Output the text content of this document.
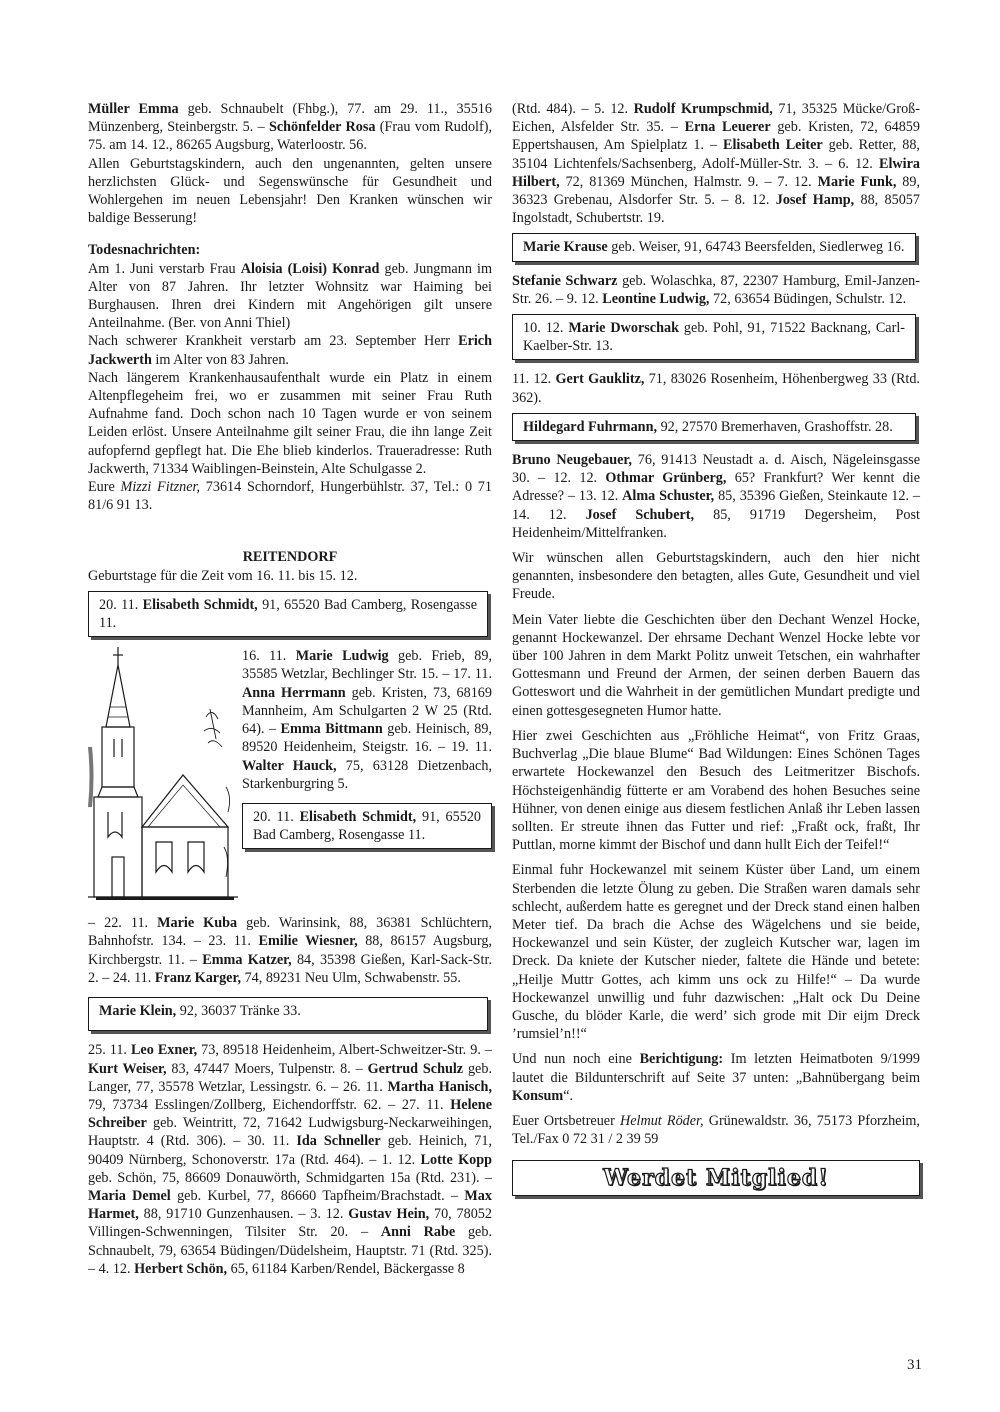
Müller Emma geb. Schnaubelt (Fhbg.), 77. am 29. 11., 35516 Münzenberg, Steinbergstr. 5. – Schönfelder Rosa (Frau vom Rudolf), 75. am 14. 12., 86265 Augsburg, Waterloostr. 56.

Allen Geburtstagskindern, auch den ungenannten, gelten unsere herzlichsten Glück- und Segenswünsche für Gesundheit und Wohlergehen im neuen Lebensjahr! Den Kranken wünschen wir baldige Besserung!

Todesnachrichten:

Am 1. Juni verstarb Frau Aloisia (Loisi) Konrad geb. Jungmann im Alter von 87 Jahren. Ihr letzter Wohnsitz war Haiming bei Burghausen. Ihren drei Kindern mit Angehörigen gilt unsere Anteilnahme. (Ber. von Anni Thiel)

Nach schwerer Krankheit verstarb am 23. September Herr Erich Jackwerth im Alter von 83 Jahren.

Nach längerem Krankenhausaufenthalt wurde ein Platz in einem Altenpflegeheim frei, wo er zusammen mit seiner Frau Ruth Aufnahme fand. Doch schon nach 10 Tagen wurde er von seinem Leiden erlöst. Unsere Anteilnahme gilt seiner Frau, die ihn lange Zeit aufopfernd gepflegt hat. Die Ehe blieb kinderlos. Traueradresse: Ruth Jackwerth, 71334 Waiblingen-Beinstein, Alte Schulgasse 2.

Eure Mizzi Fitzner, 73614 Schorndorf, Hungerbühlstr. 37, Tel.: 0 71 81/6 91 13.

REITENDORF

Geburtstage für die Zeit vom 16. 11. bis 15. 12.

20. 11. Elisabeth Schmidt, 91, 65520 Bad Camberg, Rosengasse 11.

16. 11. Marie Ludwig geb. Frieb, 89, 35585 Wetzlar, Bechlinger Str. 15. – 17. 11. Anna Herrmann geb. Kristen, 73, 68169 Mannheim, Am Schulgarten 2 W 25 (Rtd. 64). – Emma Bittmann geb. Heinisch, 89, 89520 Heidenheim, Steigstr. 16. – 19. 11. Walter Hauck, 75, 63128 Dietzenbach, Starkenburgring 5.

20. 11. Elisabeth Schmidt, 91, 65520 Bad Camberg, Rosengasse 11.

– 22. 11. Marie Kuba geb. Warinsink, 88, 36381 Schlüchtern, Bahnhofstr. 134. – 23. 11. Emilie Wiesner, 88, 86157 Augsburg, Kirchbergstr. 11. – Emma Katzer, 84, 35398 Gießen, Karl-Sack-Str. 2. – 24. 11. Franz Karger, 74, 89231 Neu Ulm, Schwabenstr. 55.

Marie Klein, 92, 36037 Tränke 33.

25. 11. Leo Exner, 73, 89518 Heidenheim, Albert-Schweitzer-Str. 9. – Kurt Weiser, 83, 47447 Moers, Tulpenstr. 8. – Gertrud Schulz geb. Langer, 77, 35578 Wetzlar, Lessingstr. 6. – 26. 11. Martha Hanisch, 79, 73734 Esslingen/Zollberg, Eichendorffstr. 62. – 27. 11. Helene Schreiber geb. Weintritt, 72, 71642 Ludwigsburg-Neckarweihingen, Hauptstr. 4 (Rtd. 306). – 30. 11. Ida Schneller geb. Heinich, 71, 90409 Nürnberg, Schonoverstr. 17a (Rtd. 464). – 1. 12. Lotte Kopp geb. Schön, 75, 86609 Donauwörth, Schmidgarten 15a (Rtd. 231). – Maria Demel geb. Kurbel, 77, 86660 Tapfheim/Brachstadt. – Max Harmet, 88, 91710 Gunzenhausen. – 3. 12. Gustav Hein, 70, 78052 Villingen-Schwenningen, Tilsiter Str. 20. – Anni Rabe geb. Schnaubelt, 79, 63654 Büdingen/Düdelsheim, Hauptstr. 71 (Rtd. 325). – 4. 12. Herbert Schön, 65, 61184 Karben/Rendel, Bäckergasse 8

(Rtd. 484). – 5. 12. Rudolf Krumpschmid, 71, 35325 Mücke/Groß-Eichen, Alsfelder Str. 35. – Erna Leuerer geb. Kristen, 72, 64859 Eppertshausen, Am Spielplatz 1. – Elisabeth Leiter geb. Retter, 88, 35104 Lichtenfels/Sachsenberg, Adolf-Müller-Str. 3. – 6. 12. Elwira Hilbert, 72, 81369 München, Halmstr. 9. – 7. 12. Marie Funk, 89, 36323 Grebenau, Alsdorfer Str. 5. – 8. 12. Josef Hamp, 88, 85057 Ingolstadt, Schubertstr. 19.

Marie Krause geb. Weiser, 91, 64743 Beersfelden, Siedlerweg 16.

Stefanie Schwarz geb. Wolaschka, 87, 22307 Hamburg, Emil-Janzen-Str. 26. – 9. 12. Leontine Ludwig, 72, 63654 Büdingen, Schulstr. 12.

10. 12. Marie Dworschak geb. Pohl, 91, 71522 Backnang, Carl-Kaelber-Str. 13.

11. 12. Gert Gauklitz, 71, 83026 Rosenheim, Höhenbergweg 33 (Rtd. 362).

Hildegard Fuhrmann, 92, 27570 Bremerhaven, Grashoffstr. 28.

Bruno Neugebauer, 76, 91413 Neustadt a. d. Aisch, Nägeleinsgasse 30. – 12. 12. Othmar Grünberg, 65? Frankfurt? Wer kennt die Adresse? – 13. 12. Alma Schuster, 85, 35396 Gießen, Steinkaute 12. – 14. 12. Josef Schubert, 85, 91719 Degersheim, Post Heidenheim/Mittelfranken.

Wir wünschen allen Geburtstagskindern, auch den hier nicht genannten, insbesondere den betagten, alles Gute, Gesundheit und viel Freude.

Mein Vater liebte die Geschichten über den Dechant Wenzel Hocke, genannt Hockewanzel. Der ehrsame Dechant Wenzel Hocke lebte vor über 100 Jahren in dem Markt Politz unweit Tetschen, ein wahrhafter Gottesmann und Freund der Armen, der seinen derben Bauern das Gotteswort und die Wahrheit in der gemütlichen Mundart predigte und einen gottesgesegneten Humor hatte.

Hier zwei Geschichten aus „Fröhliche Heimat“, von Fritz Graas, Buchverlag „Die blaue Blume“ Bad Wildungen: Eines Schönen Tages erwartete Hockewanzel den Besuch des Leitmeritzer Bischofs. Höchsteigenhändig fütterte er am Vorabend des hohen Besuches seine Hühner, von denen einige aus diesem festlichen Anlaß ihr Leben lassen sollten. Er streute ihnen das Futter und rief: „Fraßt ock, fraßt, Ihr Puttlan, morne kimmt der Bischof und dann hullt Eich der Teifel!“

Einmal fuhr Hockewanzel mit seinem Küster über Land, um einem Sterbenden die letzte Ölung zu geben. Die Straßen waren damals sehr schlecht, außerdem hatte es geregnet und der Dreck stand einen halben Meter tief. Da brach die Achse des Wägelchens und sie beide, Hockewanzel und sein Küster, der zugleich Kutscher war, lagen im Dreck. Da kniete der Kutscher nieder, faltete die Hände und betete: „Heilje Muttr Gottes, ach kimm uns ock zu Hilfe!“ – Da wurde Hockewanzel unwillig und fuhr dazwischen: „Halt ock Du Deine Gusche, du blöder Karle, die werd’ sich grode mit Dir eijm Dreck ’rumsiel’n!!“

Und nun noch eine Berichtigung: Im letzten Heimatboten 9/1999 lautet die Bildunterschrift auf Seite 37 unten: „Bahnübergang beim Konsum“.

Euer Ortsbetreuer Helmut Röder, Grünewaldstr. 36, 75173 Pforzheim, Tel./Fax 0 72 31 / 2 39 59

Werdet Mitglied!
31
